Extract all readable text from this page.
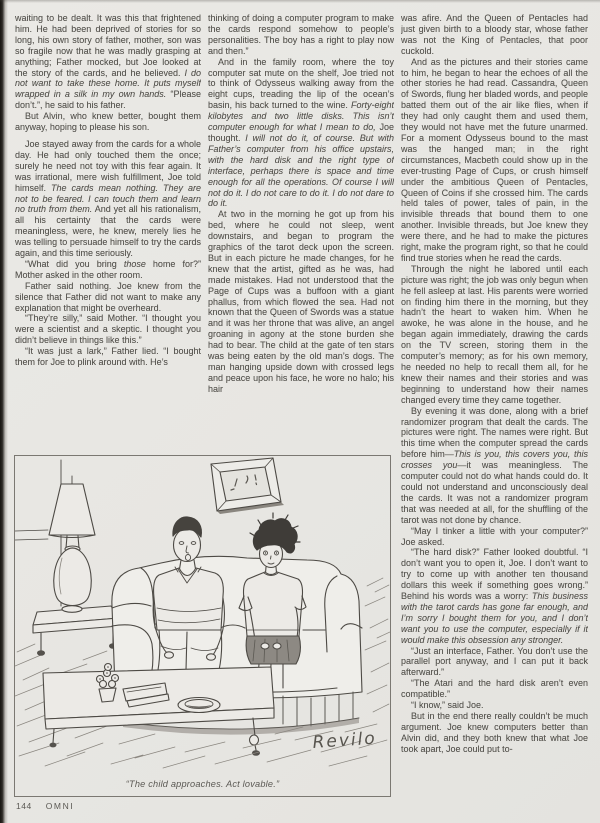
waiting to be dealt. It was this that frightened him. He had been deprived of stories for so long, his own story of father, mother, son was so fragile now that he was madly grasping at anything; Father mocked, but Joe looked at the story of the cards, and he believed. I do not want to take these home. It puts myself wrapped in a silk in my own hands. “Please don’t.”, he said to his father.

But Alvin, who knew better, bought them anyway, hoping to please his son.

Joe stayed away from the cards for a whole day. He had only touched them the once; surely he need not toy with this fear again. It was irrational, mere wish fulfillment, Joe told himself. The cards mean nothing. They are not to be feared. I can touch them and learn no truth from them. And yet all his rationalism, all his certainty that the cards were meaningless, were, he knew, merely lies he was telling to persuade himself to try the cards again, and this time seriously.

“What did you bring those home for?” Mother asked in the other room.

Father said nothing. Joe knew from the silence that Father did not want to make any explanation that might be overheard.

“They’re silly,” said Mother. “I thought you were a scientist and a skeptic. I thought you didn’t believe in things like this.”

“It was just a lark,” Father lied. “I bought them for Joe to plink around with. He’s

thinking of doing a computer program to make the cards respond somehow to people’s personalities. The boy has a right to play now and then.”

And in the family room, where the toy computer sat mute on the shelf, Joe tried not to think of Odysseus walking away from the eight cups, treading the lip of the ocean’s basin, his back turned to the wine. Forty-eight kilobytes and two little disks. This isn’t computer enough for what I mean to do, Joe thought. I will not do it, of course. But with Father’s computer from his office upstairs, with the hard disk and the right type of interface, perhaps there is space and time enough for all the operations. Of course I will not do it. I do not care to do it. I do not dare to do it.

At two in the morning he got up from his bed, where he could not sleep, went downstairs, and began to program the graphics of the tarot deck upon the screen. But in each picture he made changes, for he knew that the artist, gifted as he was, had made mistakes. Had not understood that the Page of Cups was a buffoon with a giant phallus, from which flowed the sea. Had not known that the Queen of Swords was a statue and it was her throne that was alive, an angel groaning in agony at the stone burden she had to bear. The child at the gate of ten stars was being eaten by the old man’s dogs. The man hanging upside down with crossed legs and peace upon his face, he wore no halo; his hair

was afire. And the Queen of Pentacles had just given birth to a bloody star, whose father was not the King of Pentacles, that poor cuckold.

And as the pictures and their stories came to him, he began to hear the echoes of all the other stories he had read. Cassandra, Queen of Swords, flung her bladed words, and people batted them out of the air like flies, when if they had only caught them and used them, they would not have met the future unarmed. For a moment Odysseus bound to the mast was the hanged man; in the right circumstances, Macbeth could show up in the ever-trusting Page of Cups, or crush himself under the ambitious Queen of Pentacles, Queen of Coins if she crossed him. The cards held tales of power, tales of pain, in the invisible threads that bound them to one another. Invisible threads, but Joe knew they were there, and he had to make the pictures right, make the program right, so that he could find true stories when he read the cards.

Through the night he labored until each picture was right; the job was only begun when he fell asleep at last. His parents were worried on finding him there in the morning, but they hadn’t the heart to waken him. When he awoke, he was alone in the house, and he began again immediately, drawing the cards on the TV screen, storing them in the computer’s memory; as for his own memory, he needed no help to recall them all, for he knew their names and their stories and was beginning to understand how their names changed every time they came together.

By evening it was done, along with a brief randomizer program that dealt the cards. The pictures were right. The names were right. But this time when the computer spread the cards before him—This is you, this covers you, this crosses you—it was meaningless. The computer could not do what hands could do. It could not understand and unconsciously deal the cards. It was not a randomizer program that was needed at all, for the shuffling of the tarot was not done by chance.

“May I tinker a little with your computer?” Joe asked.

“The hard disk?” Father looked doubtful. “I don’t want you to open it, Joe. I don’t want to try to come up with another ten thousand dollars this week if something goes wrong.” Behind his words was a worry: This business with the tarot cards has gone far enough, and I’m sorry I bought them for you, and I don’t want you to use the computer, especially if it would make this obsession any stronger.

“Just an interface, Father. You don’t use the parallel port anyway, and I can put it back afterward.”

“The Atari and the hard disk aren’t even compatible.”

“I know,” said Joe.

But in the end there really couldn’t be much argument. Joe knew computers better than Alvin did, and they both knew that what Joe took apart, Joe could put to-

Revilo
“The child approaches. Act lovable.”
144 OMNI
